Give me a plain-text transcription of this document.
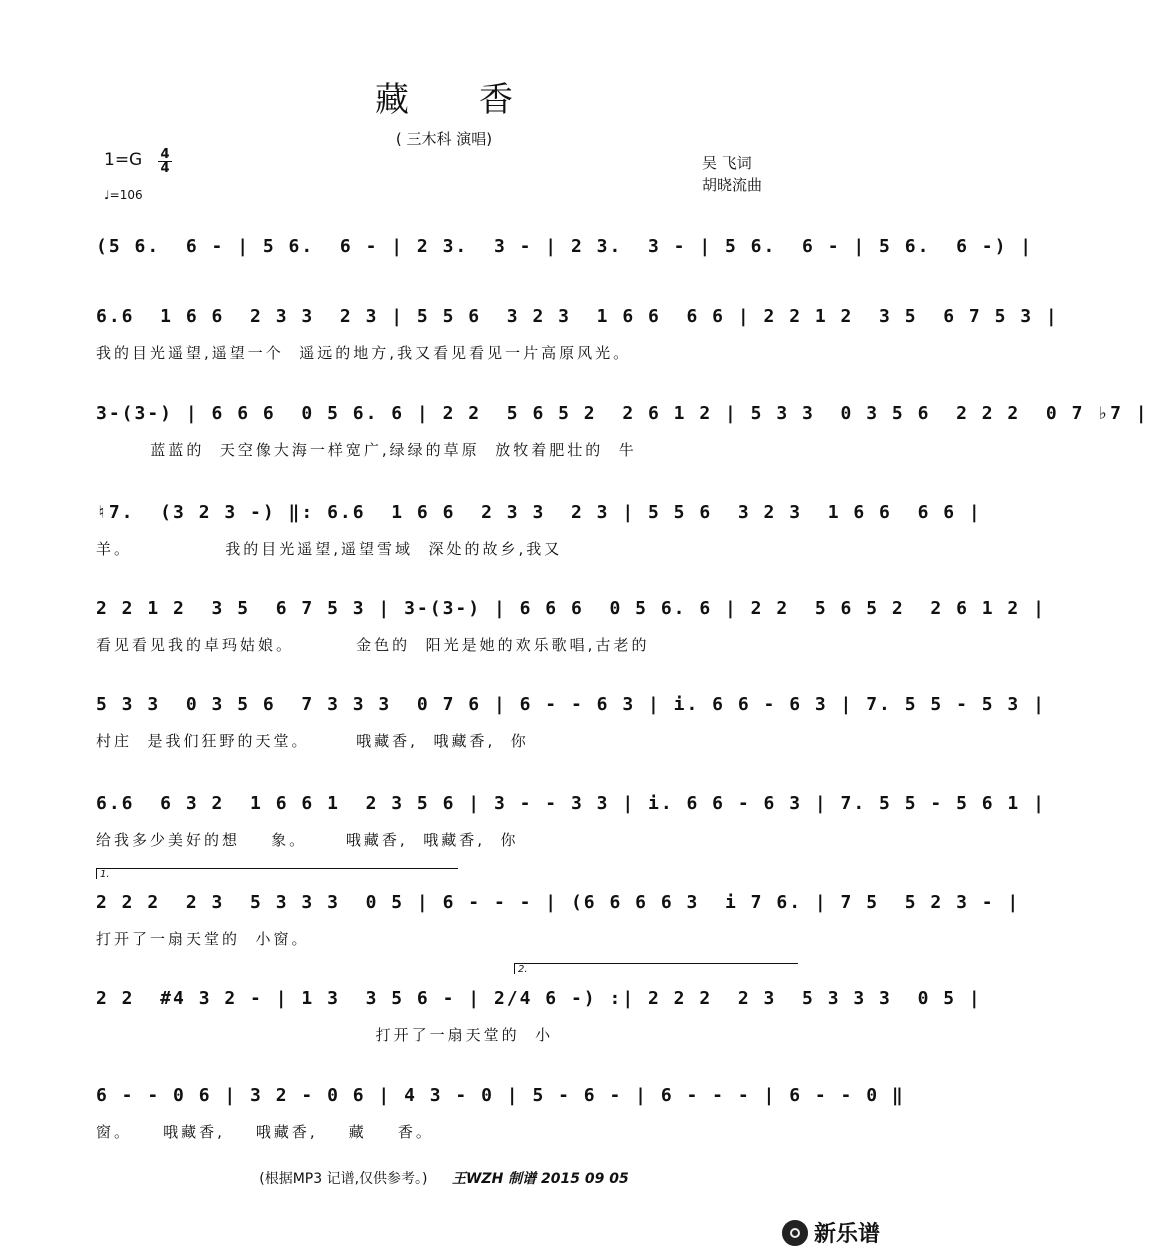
藏香
( 三木科 演唱)
$1=G \frac{4}{4}$
♩=106
吴 飞词
胡晓流曲
(5 6.  6 - | 5 6.  6 - | 2 3.  3 - | 2 3.  3 - | 5 6.  6 - | 5 6.  6 -) |
6.6  1 6 6  2 3 3  2 3 | 5 5 6  3 2 3  1 6 6  6 6 | 2 2 1 2  3 5  6 7 5 3 |
我的目光遥望,遥望一个  遥远的地方,我又看见看见一片高原风光。
3-(3-) | 6 6 6  0 5 6. 6 | 2 2  5 6 5 2  2 6 1 2 | 5 3 3  0 3 5 6  2 2 2  0 7 ♭7 |
蓝蓝的  天空像大海一样宽广,绿绿的草原  放牧着肥壮的  牛
♮7.  (3 2 3 -) ‖: 6.6  1 6 6  2 3 3  2 3 | 5 5 6  3 2 3  1 6 6  6 6 |
羊。            我的目光遥望,遥望雪域  深处的故乡,我又
2 2 1 2  3 5  6 7 5 3 | 3-(3-) | 6 6 6  0 5 6. 6 | 2 2  5 6 5 2  2 6 1 2 |
看见看见我的卓玛姑娘。        金色的  阳光是她的欢乐歌唱,古老的
5 3 3  0 3 5 6  7 3 3 3  0 7 6 | 6 - - 6 3 | i. 6 6 - 6 3 | 7. 5 5 - 5 3 |
村庄  是我们狂野的天堂。      哦藏香,  哦藏香,  你
6.6  6 3 2  1 6 6 1  2 3 5 6 | 3 - - 3 3 | i. 6 6 - 6 3 | 7. 5 5 - 5 6 1 |
给我多少美好的想    象。     哦藏香,  哦藏香,  你
1.
2 2 2  2 3  5 3 3 3  0 5 | 6 - - - | (6 6 6 6 3  i 7 6. | 7 5  5 2 3 - |
打开了一扇天堂的  小窗。
2.
2 2  #4 3 2 - | 1 3  3 5 6 - | 2/4 6 -) :| 2 2 2  2 3  5 3 3 3  0 5 |
打开了一扇天堂的  小
6 - - 0 6 | 3 2 - 0 6 | 4 3 - 0 | 5 - 6 - | 6 - - - | 6 - - 0 ‖
窗。    哦藏香,    哦藏香,    藏    香。
(根据MP3 记谱,仅供参考。) 王WZH 制谱 2015 09 05
新乐谱
